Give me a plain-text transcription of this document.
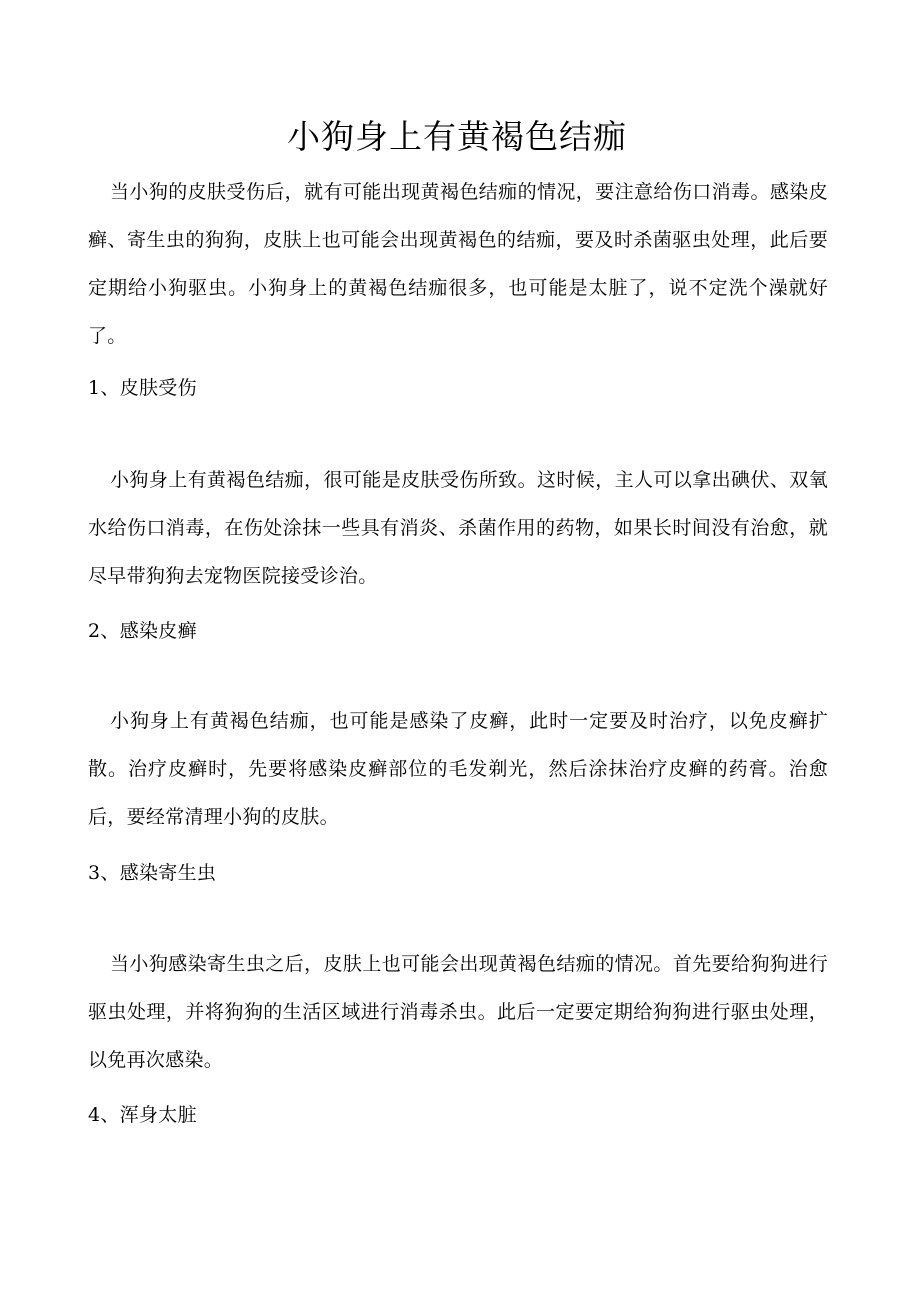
小狗身上有黄褐色结痂

当小狗的皮肤受伤后，就有可能出现黄褐色结痂的情况，要注意给伤口消毒。感染皮癣、寄生虫的狗狗，皮肤上也可能会出现黄褐色的结痂，要及时杀菌驱虫处理，此后要定期给小狗驱虫。小狗身上的黄褐色结痂很多，也可能是太脏了，说不定洗个澡就好了。

1、皮肤受伤

小狗身上有黄褐色结痂，很可能是皮肤受伤所致。这时候，主人可以拿出碘伏、双氧水给伤口消毒，在伤处涂抹一些具有消炎、杀菌作用的药物，如果长时间没有治愈，就尽早带狗狗去宠物医院接受诊治。

2、感染皮癣

小狗身上有黄褐色结痂，也可能是感染了皮癣，此时一定要及时治疗，以免皮癣扩散。治疗皮癣时，先要将感染皮癣部位的毛发剃光，然后涂抹治疗皮癣的药膏。治愈后，要经常清理小狗的皮肤。

3、感染寄生虫

当小狗感染寄生虫之后，皮肤上也可能会出现黄褐色结痂的情况。首先要给狗狗进行驱虫处理，并将狗狗的生活区域进行消毒杀虫。此后一定要定期给狗狗进行驱虫处理，以免再次感染。

4、浑身太脏
